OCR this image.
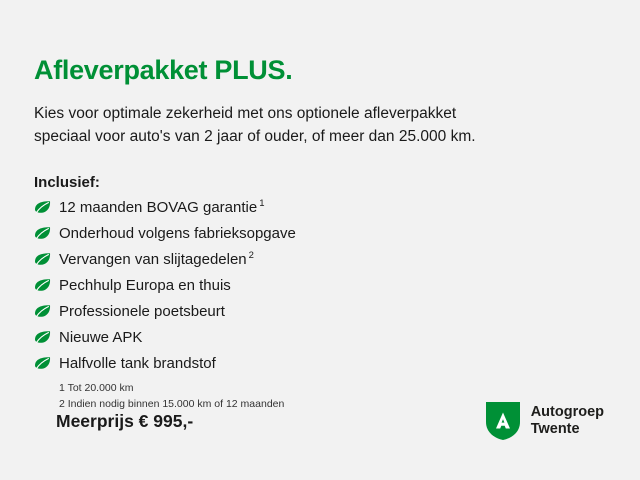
Afleverpakket PLUS.

Kies voor optimale zekerheid met ons optionele afleverpakket
speciaal voor auto's van 2 jaar of ouder, of meer dan 25.000 km.

Inclusief:
12 maanden BOVAG garantie $^1$
Onderhoud volgens fabrieksopgave
Vervangen van slijtagedelen $^2$
Pechhulp Europa en thuis
Professionele poetsbeurt
Nieuwe APK
Halfvolle tank brandstof
1 Tot 20.000 km
2 Indien nodig binnen 15.000 km of 12 maanden
Meerprijs € 995,-	Autogroep
Twente
